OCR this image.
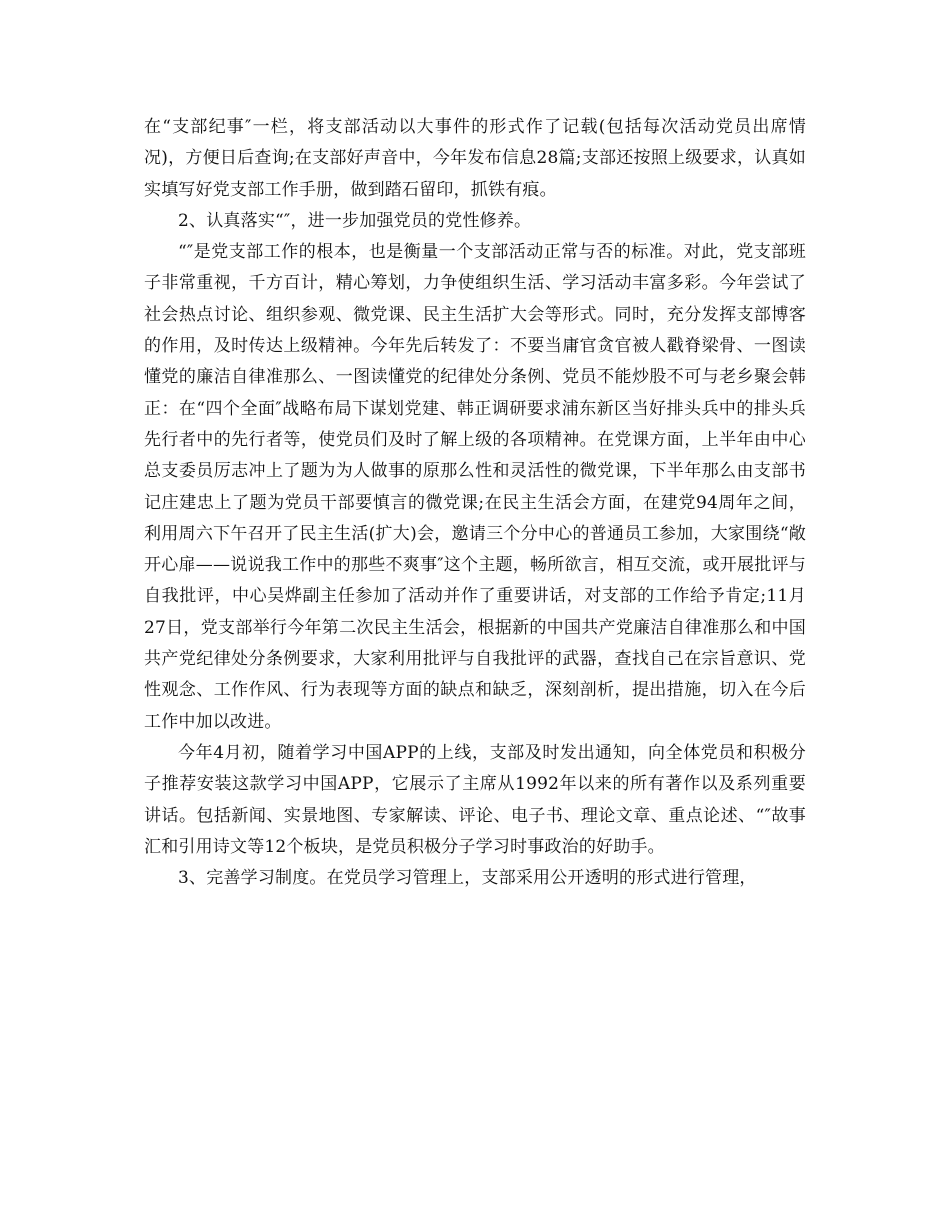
在“支部纪事″一栏，将支部活动以大事件的形式作了记载(包括每次活动党员出席情况)，方便日后查询;在支部好声音中，今年发布信息28篇;支部还按照上级要求，认真如实填写好党支部工作手册，做到踏石留印，抓铁有痕。

2、认真落实“″，进一步加强党员的党性修养。

“″是党支部工作的根本，也是衡量一个支部活动正常与否的标准。对此，党支部班子非常重视，千方百计，精心筹划，力争使组织生活、学习活动丰富多彩。今年尝试了社会热点讨论、组织参观、微党课、民主生活扩大会等形式。同时，充分发挥支部博客的作用，及时传达上级精神。今年先后转发了：不要当庸官贪官被人戳脊梁骨、一图读懂党的廉洁自律准那么、一图读懂党的纪律处分条例、党员不能炒股不可与老乡聚会韩正：在“四个全面″战略布局下谋划党建、韩正调研要求浦东新区当好排头兵中的排头兵先行者中的先行者等，使党员们及时了解上级的各项精神。在党课方面，上半年由中心总支委员厉志冲上了题为为人做事的原那么性和灵活性的微党课，下半年那么由支部书记庄建忠上了题为党员干部要慎言的微党课;在民主生活会方面，在建党94周年之间，利用周六下午召开了民主生活(扩大)会，邀请三个分中心的普通员工参加，大家围绕“敞开心扉——说说我工作中的那些不爽事″这个主题，畅所欲言，相互交流，或开展批评与自我批评，中心吴烨副主任参加了活动并作了重要讲话，对支部的工作给予肯定;11月27日，党支部举行今年第二次民主生活会，根据新的中国共产党廉洁自律准那么和中国共产党纪律处分条例要求，大家利用批评与自我批评的武器，查找自己在宗旨意识、党性观念、工作作风、行为表现等方面的缺点和缺乏，深刻剖析，提出措施，切入在今后工作中加以改进。

今年4月初，随着学习中国APP的上线，支部及时发出通知，向全体党员和积极分子推荐安装这款学习中国APP，它展示了主席从1992年以来的所有著作以及系列重要讲话。包括新闻、实景地图、专家解读、评论、电子书、理论文章、重点论述、“″故事汇和引用诗文等12个板块，是党员积极分子学习时事政治的好助手。

3、完善学习制度。在党员学习管理上，支部采用公开透明的形式进行管理，
